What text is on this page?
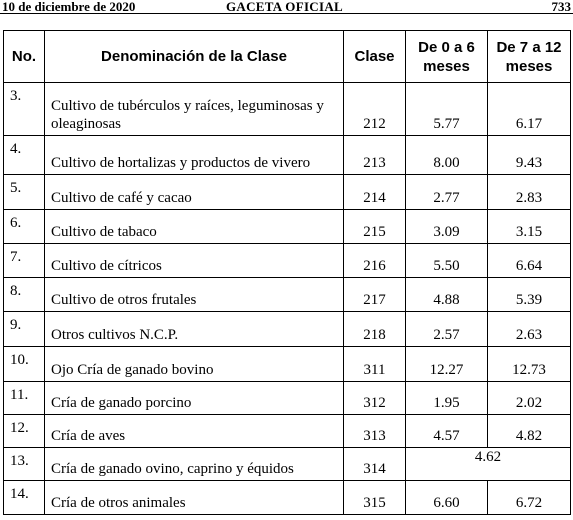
10 de diciembre de 2020	GACETA OFICIAL	733
No.	Denominación de la Clase	Clase	De 0 a 6 meses	De 7 a 12 meses
3.	Cultivo de tubérculos y raíces, leguminosas y oleaginosas	212	5.77	6.17
4.	Cultivo de hortalizas y productos de vivero	213	8.00	9.43
5.	Cultivo de café y cacao	214	2.77	2.83
6.	Cultivo de tabaco	215	3.09	3.15
7.	Cultivo de cítricos	216	5.50	6.64
8.	Cultivo de otros frutales	217	4.88	5.39
9.	Otros cultivos N.C.P.	218	2.57	2.63
10.	Ojo Cría de ganado bovino	311	12.27	12.73
11.	Cría de ganado porcino	312	1.95	2.02
12.	Cría de aves	313	4.57	4.82
13.	Cría de ganado ovino, caprino y équidos	314	4.62	
14.	Cría de otros animales	315	6.60	6.72
